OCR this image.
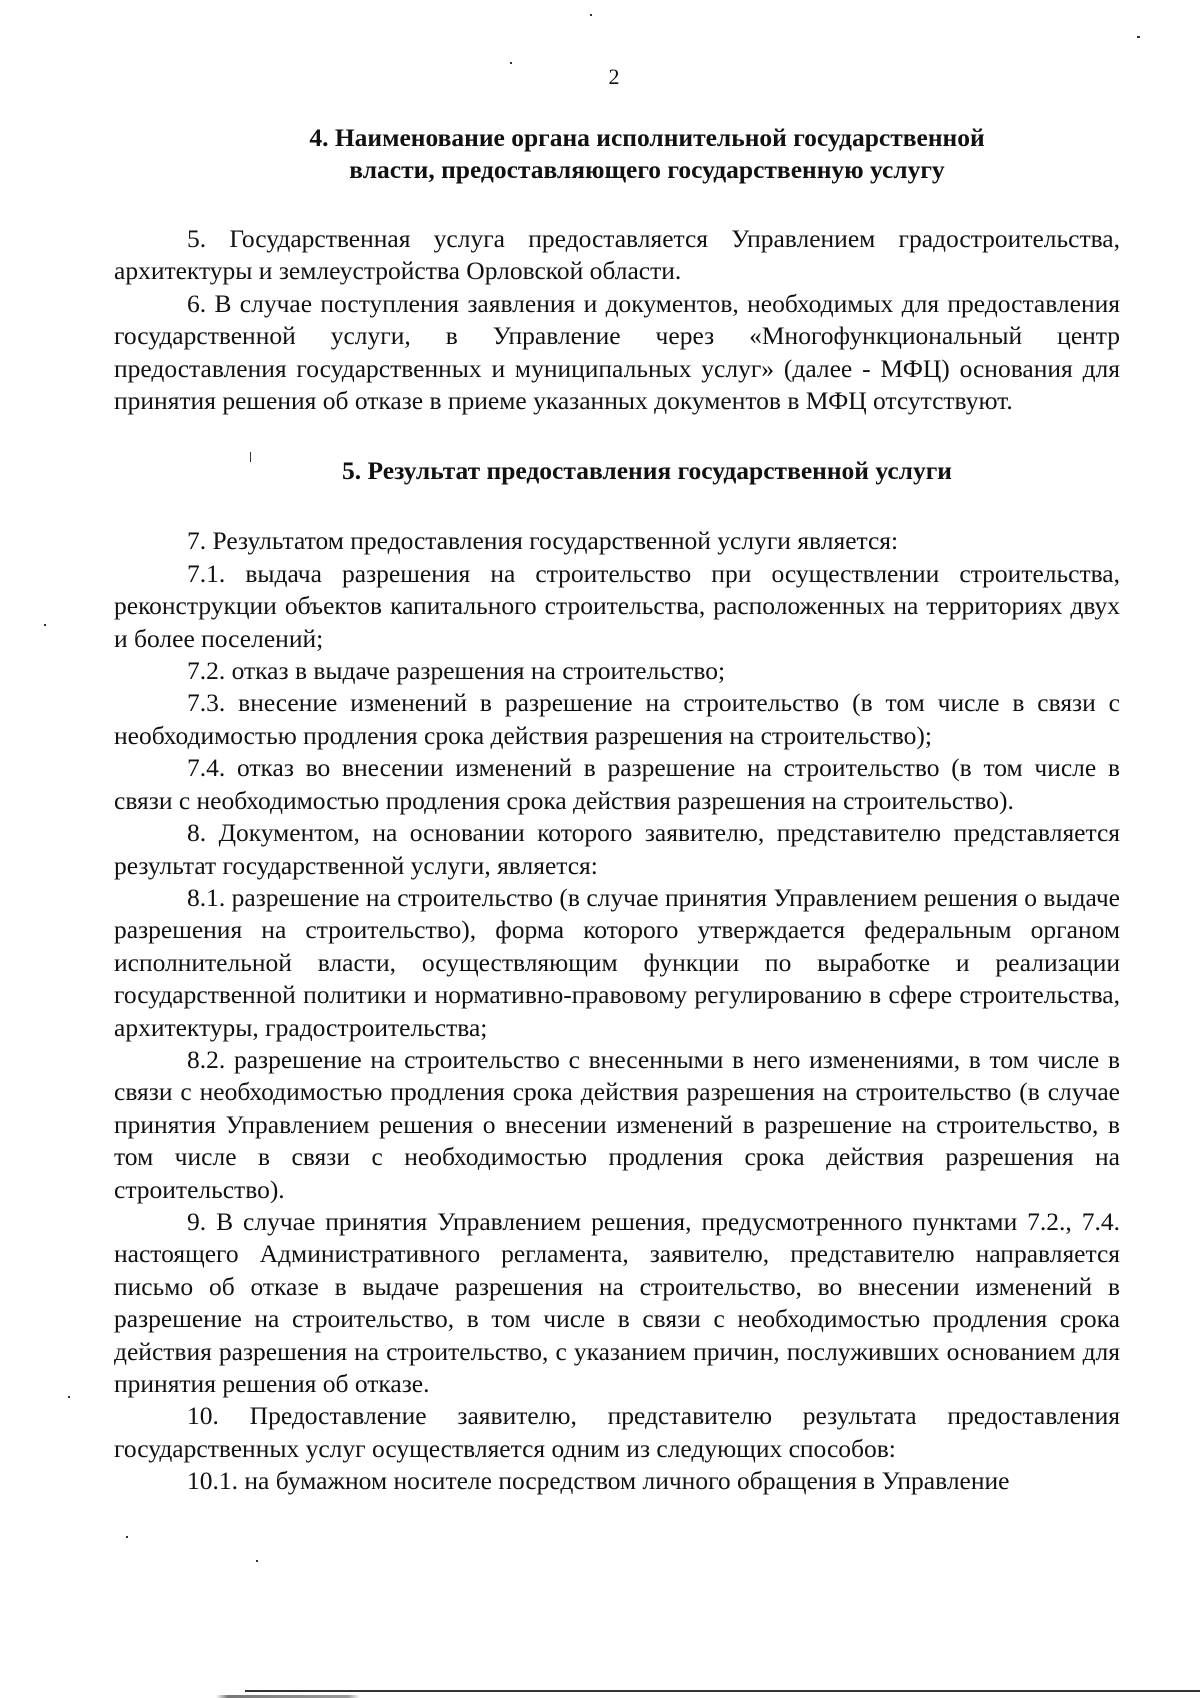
2
4. Наименование органа исполнительной государственной
власти, предоставляющего государственную услугу

5. Государственная услуга предоставляется Управлением градостроительства, архитектуры и землеустройства Орловской области.

6. В случае поступления заявления и документов, необходимых для предоставления государственной услуги, в Управление через «Многофункциональный центр предоставления государственных и муниципальных услуг» (далее - МФЦ) основания для принятия решения об отказе в приеме указанных документов в МФЦ отсутствуют.

5. Результат предоставления государственной услуги

7. Результатом предоставления государственной услуги является:

7.1. выдача разрешения на строительство при осуществлении строительства, реконструкции объектов капитального строительства, расположенных на территориях двух и более поселений;

7.2. отказ в выдаче разрешения на строительство;

7.3. внесение изменений в разрешение на строительство (в том числе в связи с необходимостью продления срока действия разрешения на строительство);

7.4. отказ во внесении изменений в разрешение на строительство (в том числе в связи с необходимостью продления срока действия разрешения на строительство).

8. Документом, на основании которого заявителю, представителю представляется результат государственной услуги, является:

8.1. разрешение на строительство (в случае принятия Управлением решения о выдаче разрешения на строительство), форма которого утверждается федеральным органом исполнительной власти, осуществляющим функции по выработке и реализации государственной политики и нормативно-правовому регулированию в сфере строительства, архитектуры, градостроительства;

8.2. разрешение на строительство с внесенными в него изменениями, в том числе в связи с необходимостью продления срока действия разрешения на строительство (в случае принятия Управлением решения о внесении изменений в разрешение на строительство, в том числе в связи с необходимостью продления срока действия разрешения на строительство).

9. В случае принятия Управлением решения, предусмотренного пунктами 7.2., 7.4. настоящего Административного регламента, заявителю, представителю направляется письмо об отказе в выдаче разрешения на строительство, во внесении изменений в разрешение на строительство, в том числе в связи с необходимостью продления срока действия разрешения на строительство, с указанием причин, послуживших основанием для принятия решения об отказе.

10. Предоставление заявителю, представителю результата предоставления государственных услуг осуществляется одним из следующих способов:

10.1. на бумажном носителе посредством личного обращения в Управление
